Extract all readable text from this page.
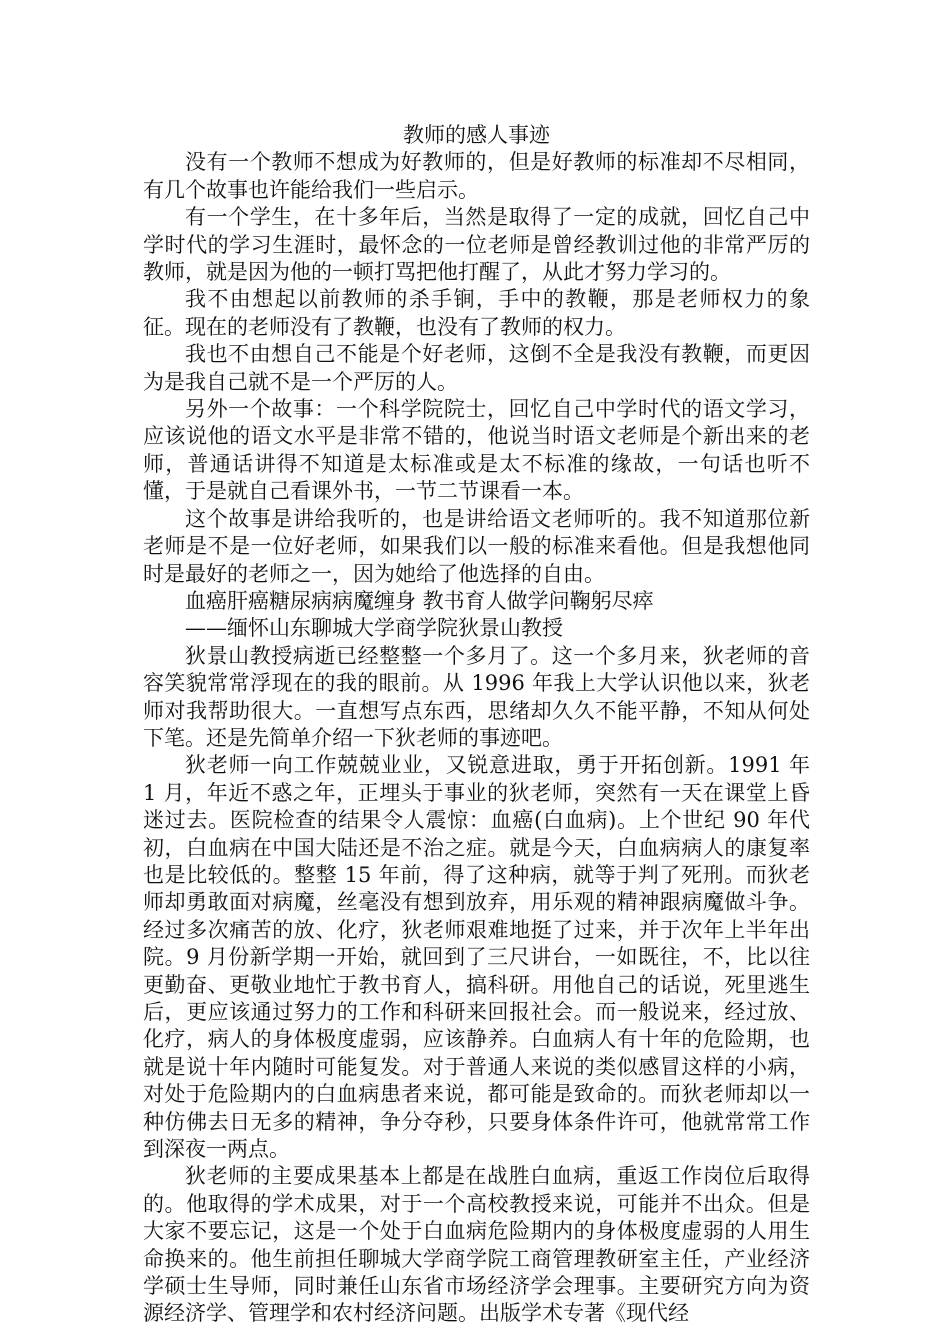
教师的感人事迹

没有一个教师不想成为好教师的，但是好教师的标准却不尽相同，有几个故事也许能给我们一些启示。

有一个学生，在十多年后，当然是取得了一定的成就，回忆自己中学时代的学习生涯时，最怀念的一位老师是曾经教训过他的非常严厉的教师，就是因为他的一顿打骂把他打醒了，从此才努力学习的。

我不由想起以前教师的杀手锏，手中的教鞭，那是老师权力的象征。现在的老师没有了教鞭，也没有了教师的权力。

我也不由想自己不能是个好老师，这倒不全是我没有教鞭，而更因为是我自己就不是一个严厉的人。

另外一个故事：一个科学院院士，回忆自己中学时代的语文学习，应该说他的语文水平是非常不错的，他说当时语文老师是个新出来的老师，普通话讲得不知道是太标准或是太不标准的缘故，一句话也听不懂，于是就自己看课外书，一节二节课看一本。

这个故事是讲给我听的，也是讲给语文老师听的。我不知道那位新老师是不是一位好老师，如果我们以一般的标准来看他。但是我想他同时是最好的老师之一，因为她给了他选择的自由。

血癌肝癌糖尿病病魔缠身 教书育人做学问鞠躬尽瘁

——缅怀山东聊城大学商学院狄景山教授

狄景山教授病逝已经整整一个多月了。这一个多月来，狄老师的音容笑貌常常浮现在的我的眼前。从 1996 年我上大学认识他以来，狄老师对我帮助很大。一直想写点东西，思绪却久久不能平静，不知从何处下笔。还是先简单介绍一下狄老师的事迹吧。

狄老师一向工作兢兢业业，又锐意进取，勇于开拓创新。1991 年 1 月，年近不惑之年，正埋头于事业的狄老师，突然有一天在课堂上昏迷过去。医院检查的结果令人震惊：血癌(白血病)。上个世纪 90 年代初，白血病在中国大陆还是不治之症。就是今天，白血病病人的康复率也是比较低的。整整 15 年前，得了这种病，就等于判了死刑。而狄老师却勇敢面对病魔，丝毫没有想到放弃，用乐观的精神跟病魔做斗争。经过多次痛苦的放、化疗，狄老师艰难地挺了过来，并于次年上半年出院。9 月份新学期一开始，就回到了三尺讲台，一如既往，不，比以往更勤奋、更敬业地忙于教书育人，搞科研。用他自己的话说，死里逃生后，更应该通过努力的工作和科研来回报社会。而一般说来，经过放、化疗，病人的身体极度虚弱，应该静养。白血病人有十年的危险期，也就是说十年内随时可能复发。对于普通人来说的类似感冒这样的小病，对处于危险期内的白血病患者来说，都可能是致命的。而狄老师却以一种仿佛去日无多的精神，争分夺秒，只要身体条件许可，他就常常工作到深夜一两点。

狄老师的主要成果基本上都是在战胜白血病，重返工作岗位后取得的。他取得的学术成果，对于一个高校教授来说，可能并不出众。但是大家不要忘记，这是一个处于白血病危险期内的身体极度虚弱的人用生命换来的。他生前担任聊城大学商学院工商管理教研室主任，产业经济学硕士生导师，同时兼任山东省市场经济学会理事。主要研究方向为资源经济学、管理学和农村经济问题。出版学术专著《现代经
